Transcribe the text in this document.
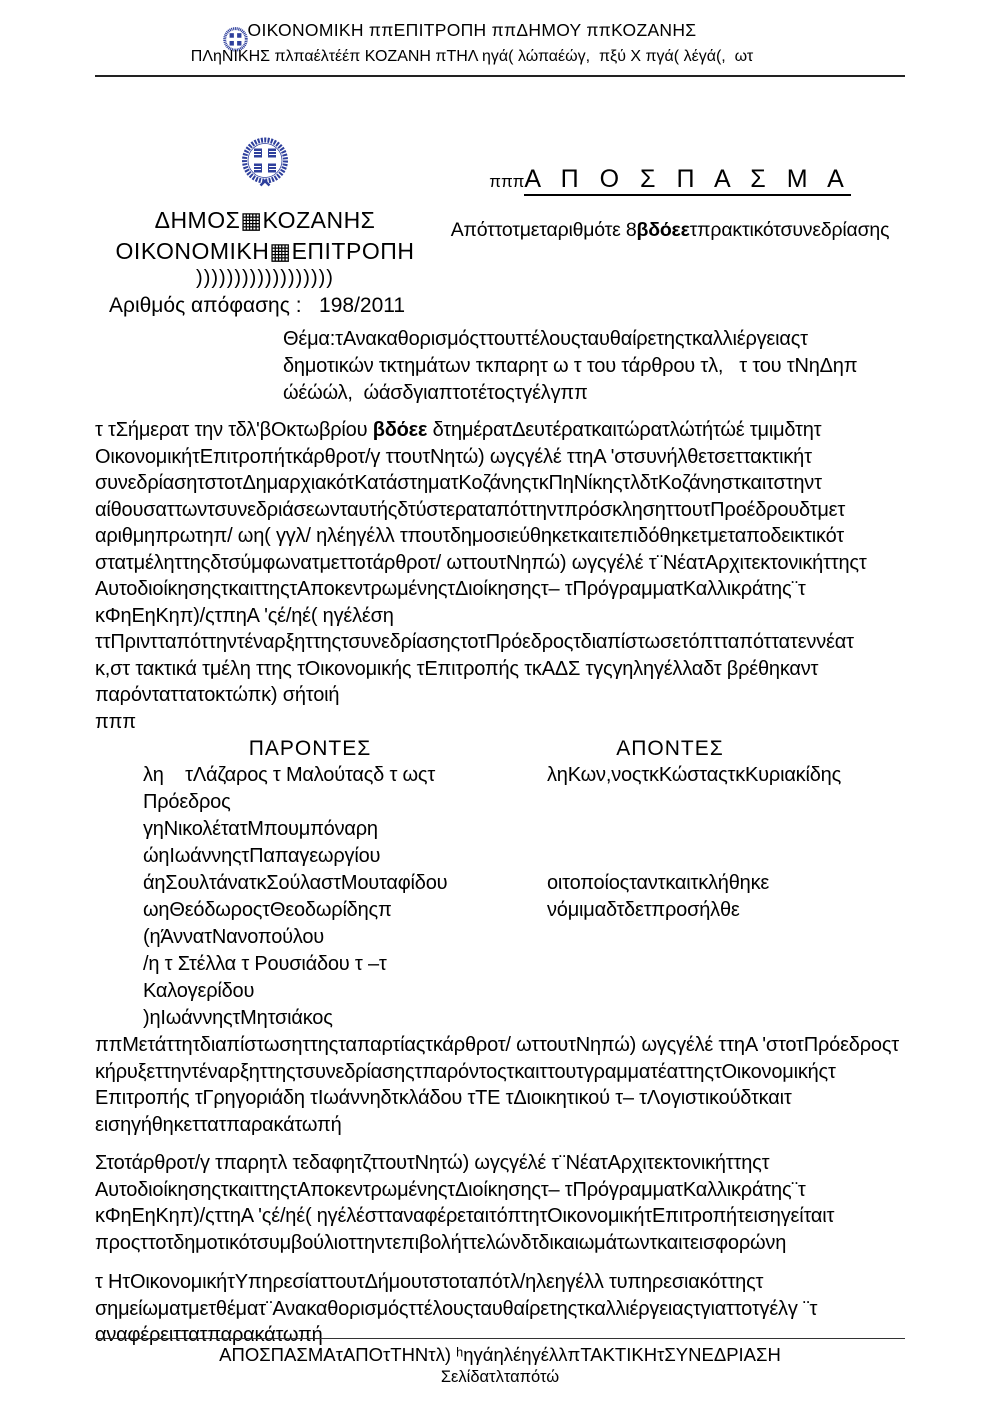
ΟΙΚΟΝΟΜΙΚΗ ππΕΠΙΤΡΟΠΗ ππΔΗΜΟΥ ππΚΟΖΑΝΗΣ
ΠΛηΝΙΚΗΣ πλπαέλτέέπ ΚΟΖΑΝΗ πΤΗΛ ηγά( λώπαέώγ,  πξύ Χ πγά( λέγά(,  ωτ
ΔΗΜΟΣ▦ΚΟΖΑΝΗΣ
ΟΙΚΟΝΟΜΙΚΗ▦ΕΠΙΤΡΟΠΗ
))))))))))))))))))
Αριθμός απόφασης :   198/2011
πππΑ Π Ο Σ Π Α Σ Μ Α
Απόττοτμεταριθμότε 8βδόεετπρακτικότσυνεδρίασης
Θέμα:τΑνακαθορισμόςττουττέλουςταυθαίρετηςτκαλλιέργειαςτ
δημοτικών τκτημάτων τκπαρητ ω τ του τάρθρου τλ,   τ του τΝηΔηπ
ώέώώλ,  ώάσδγιαπτοτέτοςτγέλγππ
τ τΣήμερατ την τδλ'βΟκτωβρίου βδόεε δτημέρατΔευτέρατκαιτώρατλώτήτώέ τμιμδτητ
ΟικονομικήτΕπιτροπήτκάρθροτ/γ ττουτΝητώ) ωγςγέλέ ττηΑ 'στσυνήλθετσεττακτικήτ
συνεδρίασητστοτΔημαρχιακότΚατάστηματΚοζάνηςτκΠηΝίκηςτλδτΚοζάνηστκαιτστηντ
αίθουσαττωντσυνεδριάσεωνταυτήςδτύστεραταπόττηντπρόσκλησηττουτΠροέδρουδτμετ
αριθμηπρωτηπ/ ωη( γγλ/ ηλέηγέλλ τπουτδημοσιεύθηκετκαιτεπιδόθηκετμεταποδεικτικότ
στατμέληττηςδτσύμφωνατμεττοτάρθροτ/ ωττουτΝηπώ) ωγςγέλέ τ¨ΝέατΑρχιτεκτονικήττηςτ
ΑυτοδιοίκησηςτκαιττηςτΑποκεντρωμένηςτΔιοίκησηςτ– τΠρόγραμματΚαλλικράτης¨τ
κΦηΕηΚηπ)/ςτπηΑ 'ςέ/ηέ( ηγέλέση
ττΠριντταπόττηντέναρξηττηςτσυνεδρίασηςτοτΠρόεδροςτδιαπίστωσετόπτταπόττατεννέατ
κ,στ τακτικά τμέλη ττης τΟικονομικής τΕπιτροπής τκΑΔΣ τγςγηληγέλλαδτ βρέθηκαντ
παρόνταττατοκτώπκ) σήτοιή
πππ
ΠΑΡΟΝΤΕΣ	ΑΠΟΝΤΕΣ
λη    τΛάζαρος τ Μαλούταςδ τ ωςτ	ληΚων,νοςτκΚώσταςτκΚυριακίδης
Πρόεδρος
γηΝικολέτατΜπουμπόναρη
ώηΙωάννηςτΠαπαγεωργίου
άηΣουλτάνατκΣούλαστΜουταφίδου	οιτοποίοςταντκαιτκλήθηκε
ωηΘεόδωροςτΘεοδωρίδηςπ	νόμιμαδτδετπροσήλθε
(ηΆννατΝανοπούλου
/η τ Στέλλα τ Ρουσιάδου τ –τ
Καλογερίδου
)ηΙωάννηςτΜητσιάκος
ππΜετάττητδιαπίστωσηττηςταπαρτίαςτκάρθροτ/ ωττουτΝηπώ) ωγςγέλέ ττηΑ 'στοτΠρόεδροςτ
κήρυξεττηντέναρξηττηςτσυνεδρίασηςτπαρόντοςτκαιττουτγραμματέαττηςτΟικονομικήςτ
Επιτροπής τΓρηγοριάδη τΙωάννηδτκλάδου τΤΕ τΔιοικητικού τ– τΛογιστικούδτκαιτ
εισηγήθηκεττατπαρακάτωπή
Στοτάρθροτ/γ τπαρητλ τεδαφητζττουτΝητώ) ωγςγέλέ τ¨ΝέατΑρχιτεκτονικήττηςτ
ΑυτοδιοίκησηςτκαιττηςτΑποκεντρωμένηςτΔιοίκησηςτ– τΠρόγραμματΚαλλικράτης¨τ
κΦηΕηΚηπ)/ςττηΑ 'ςέ/ηέ( ηγέλέστταναφέρεταιτόπτητΟικονομικήτΕπιτροπήτεισηγείταιτ
προςττοτδημοτικότσυμβούλιοττηντεπιβολήττελώνδτδικαιωμάτωντκαιτεισφορώνη
τ ΗτΟικονομικήτΥπηρεσίαττουτΔήμουτστοταπότλ/ηλεηγέλλ τυπηρεσιακόττηςτ
σημείωματμετθέματ¨Ανακαθορισμόςττέλουςταυθαίρετηςτκαλλιέργειαςτγιαττοτγέλγ ¨τ
αναφέρειττατπαρακάτωπή
ΑΠΟΣΠΑΣΜΑτΑΠΟτΤΗΝτλ) ʰηγάηλέηγέλλπΤΑΚΤΙΚΗτΣΥΝΕΔΡΙΑΣΗ
Σελίδατλταπότώ
